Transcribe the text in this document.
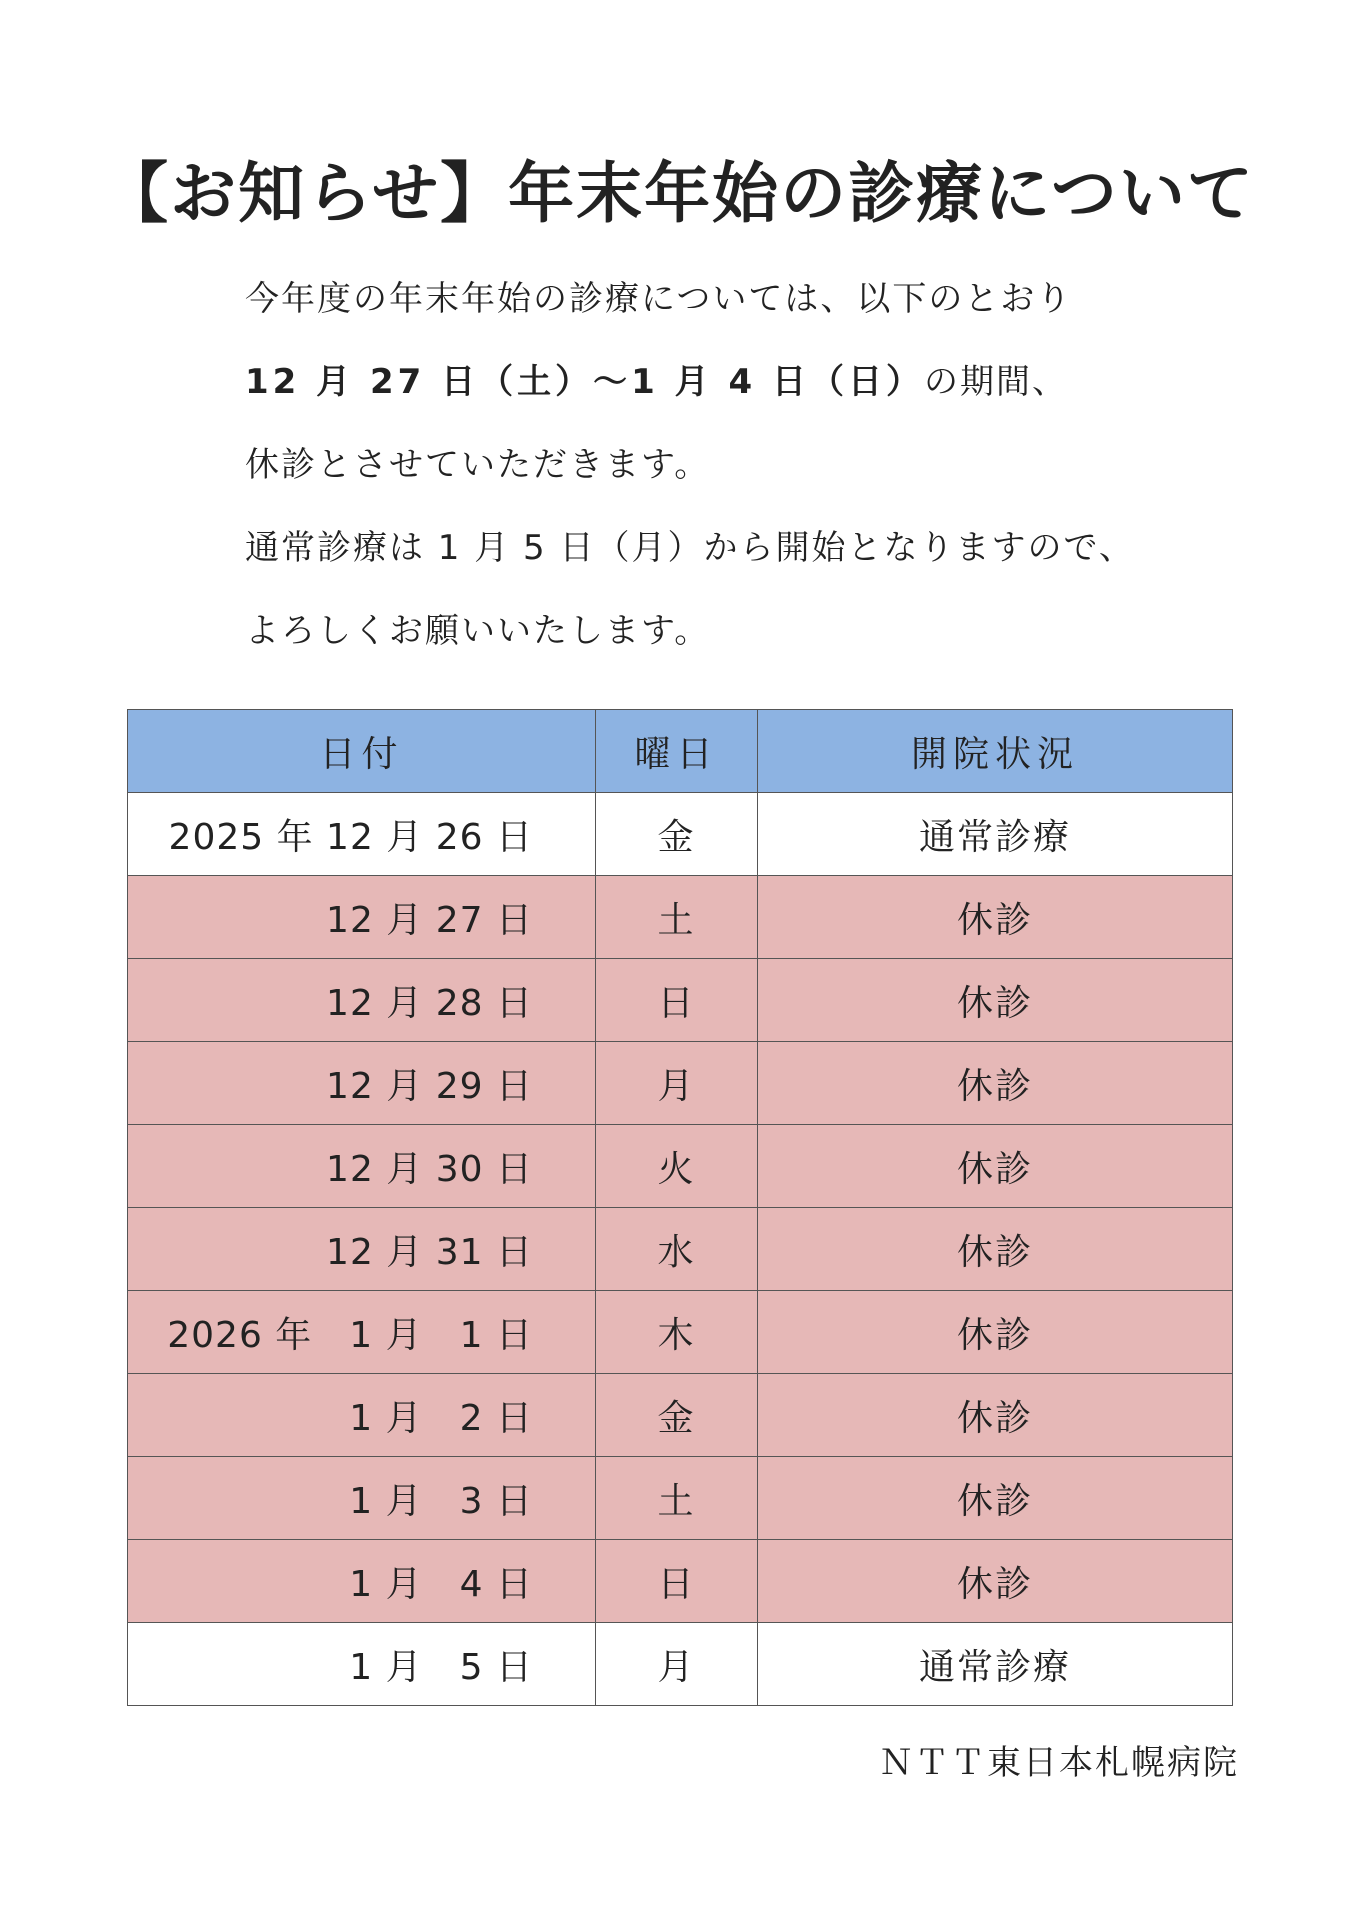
【お知らせ】年末年始の診療について

今年度の年末年始の診療については、以下のとおり

12 月 27 日（土）～1 月 4 日（日）の期間、

休診とさせていただきます。

通常診療は 1 月 5 日（月）から開始となりますので、

よろしくお願いいたします。

日付	曜日	開院状況
2025 年 12 月 26 日	金	通常診療
12 月 27 日	土	休診
12 月 28 日	日	休診
12 月 29 日	月	休診
12 月 30 日	火	休診
12 月 31 日	水	休診
2026 年　1 月　1 日	木	休診
1 月　2 日	金	休診
1 月　3 日	土	休診
1 月　4 日	日	休診
1 月　5 日	月	通常診療
ＮＴＴ東日本札幌病院
